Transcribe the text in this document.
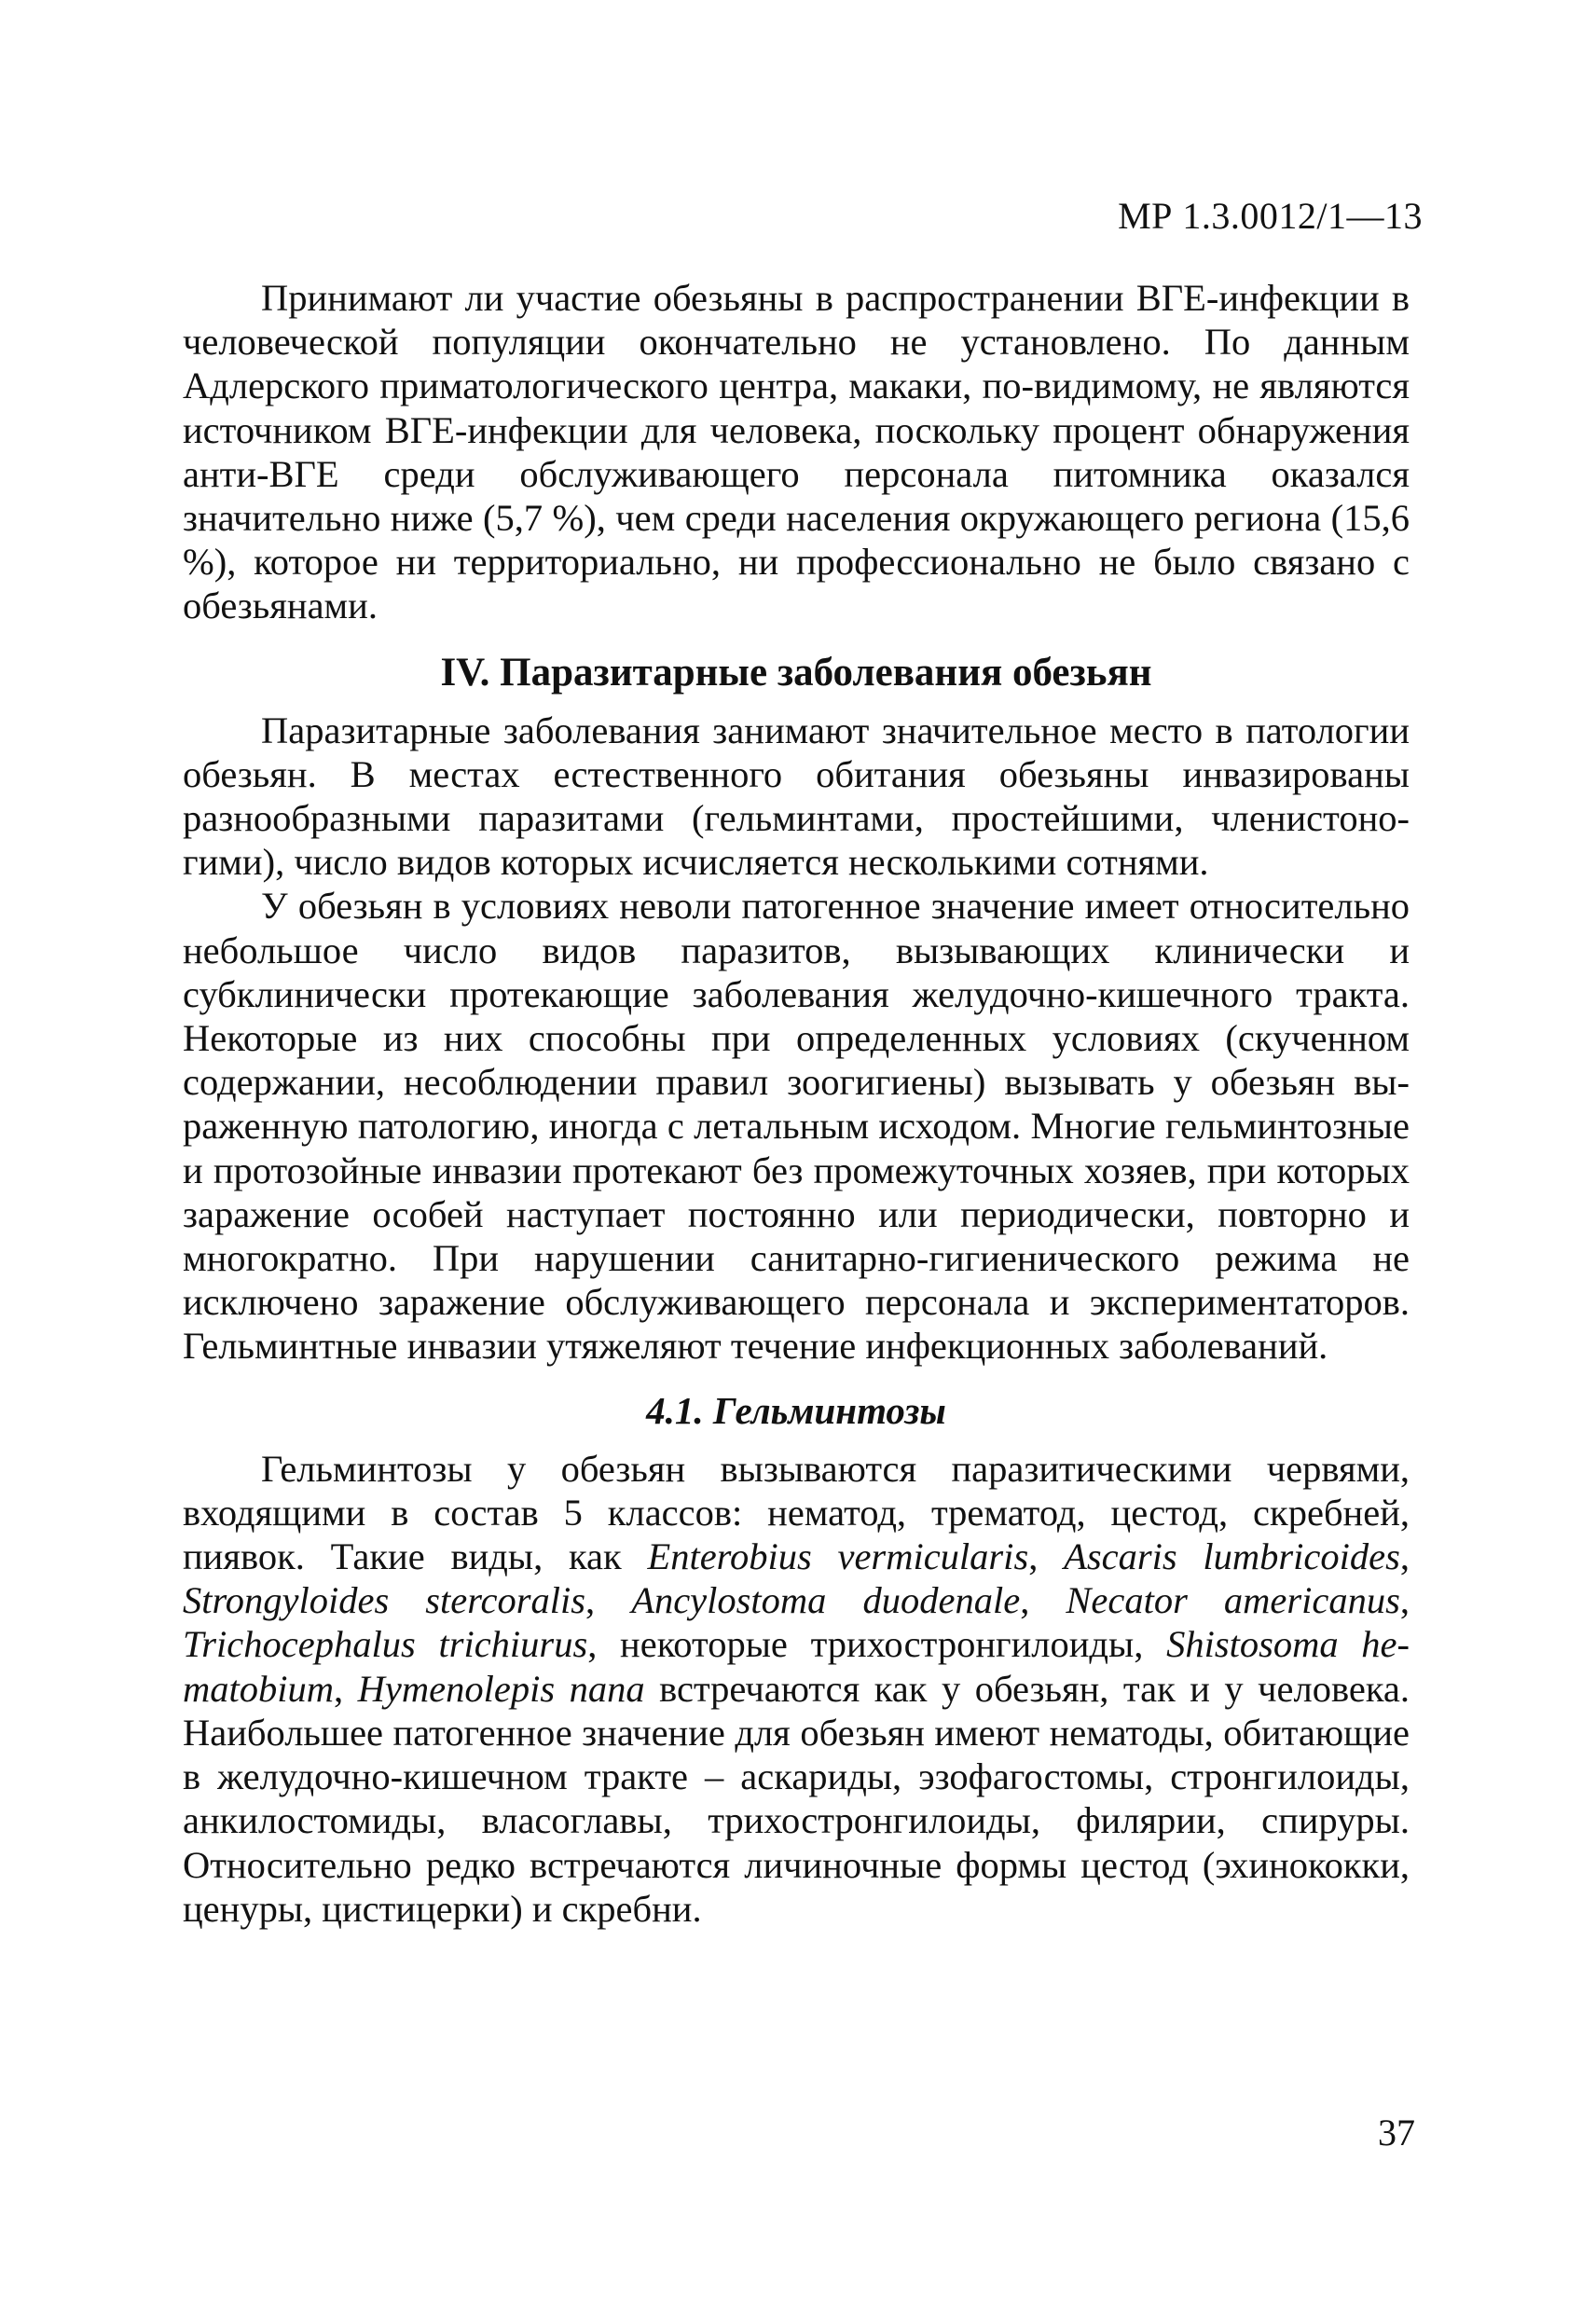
МР 1.3.0012/1—13

Принимают ли участие обезьяны в распространении ВГЕ-инфекции в человеческой популяции окончательно не установлено. По данным Адлерского приматологического центра, макаки, по-видимому, не являются источником ВГЕ-инфекции для человека, поскольку процент обнаружения анти-ВГЕ среди обслуживающего персонала питомника оказался значительно ниже (5,7 %), чем среди населения окружающего региона (15,6 %), которое ни территориально, ни профессионально не было связано с обезьянами.

IV. Паразитарные заболевания обезьян

Паразитарные заболевания занимают значительное место в патологии обезьян. В местах естественного обитания обезьяны инвазированы разнообразными паразитами (гельминтами, простейшими, членистоногими), число видов которых исчисляется несколькими сотнями.

У обезьян в условиях неволи патогенное значение имеет относительно небольшое число видов паразитов, вызывающих клинически и субклинически протекающие заболевания желудочно-кишечного тракта. Некоторые из них способны при определенных условиях (скученном содержании, несоблюдении правил зоогигиены) вызывать у обезьян выраженную патологию, иногда с летальным исходом. Многие гельминтозные и протозойные инвазии протекают без промежуточных хозяев, при которых заражение особей наступает постоянно или периодически, повторно и многократно. При нарушении санитарно-гигиенического режима не исключено заражение обслуживающего персонала и экспериментаторов. Гельминтные инвазии утяжеляют течение инфекционных заболеваний.

4.1. Гельминтозы

Гельминтозы у обезьян вызываются паразитическими червями, входящими в состав 5 классов: нематод, трематод, цестод, скребней, пиявок. Такие виды, как Enterobius vermicularis, Ascaris lumbricoides, Strongyloides stercoralis, Ancylostoma duodenale, Necator americanus, Trichocephalus trichiurus, некоторые трихостронгилоиды, Shistosoma hematobium, Hymenolepis nana встречаются как у обезьян, так и у человека. Наибольшее патогенное значение для обезьян имеют нематоды, обитающие в желудочно-кишечном тракте – аскариды, эзофагостомы, стронгилоиды, анкилостомиды, власоглавы, трихостронгилоиды, филярии, спируры. Относительно редко встречаются личиночные формы цестод (эхинококки, ценуры, цистицерки) и скребни.

37
